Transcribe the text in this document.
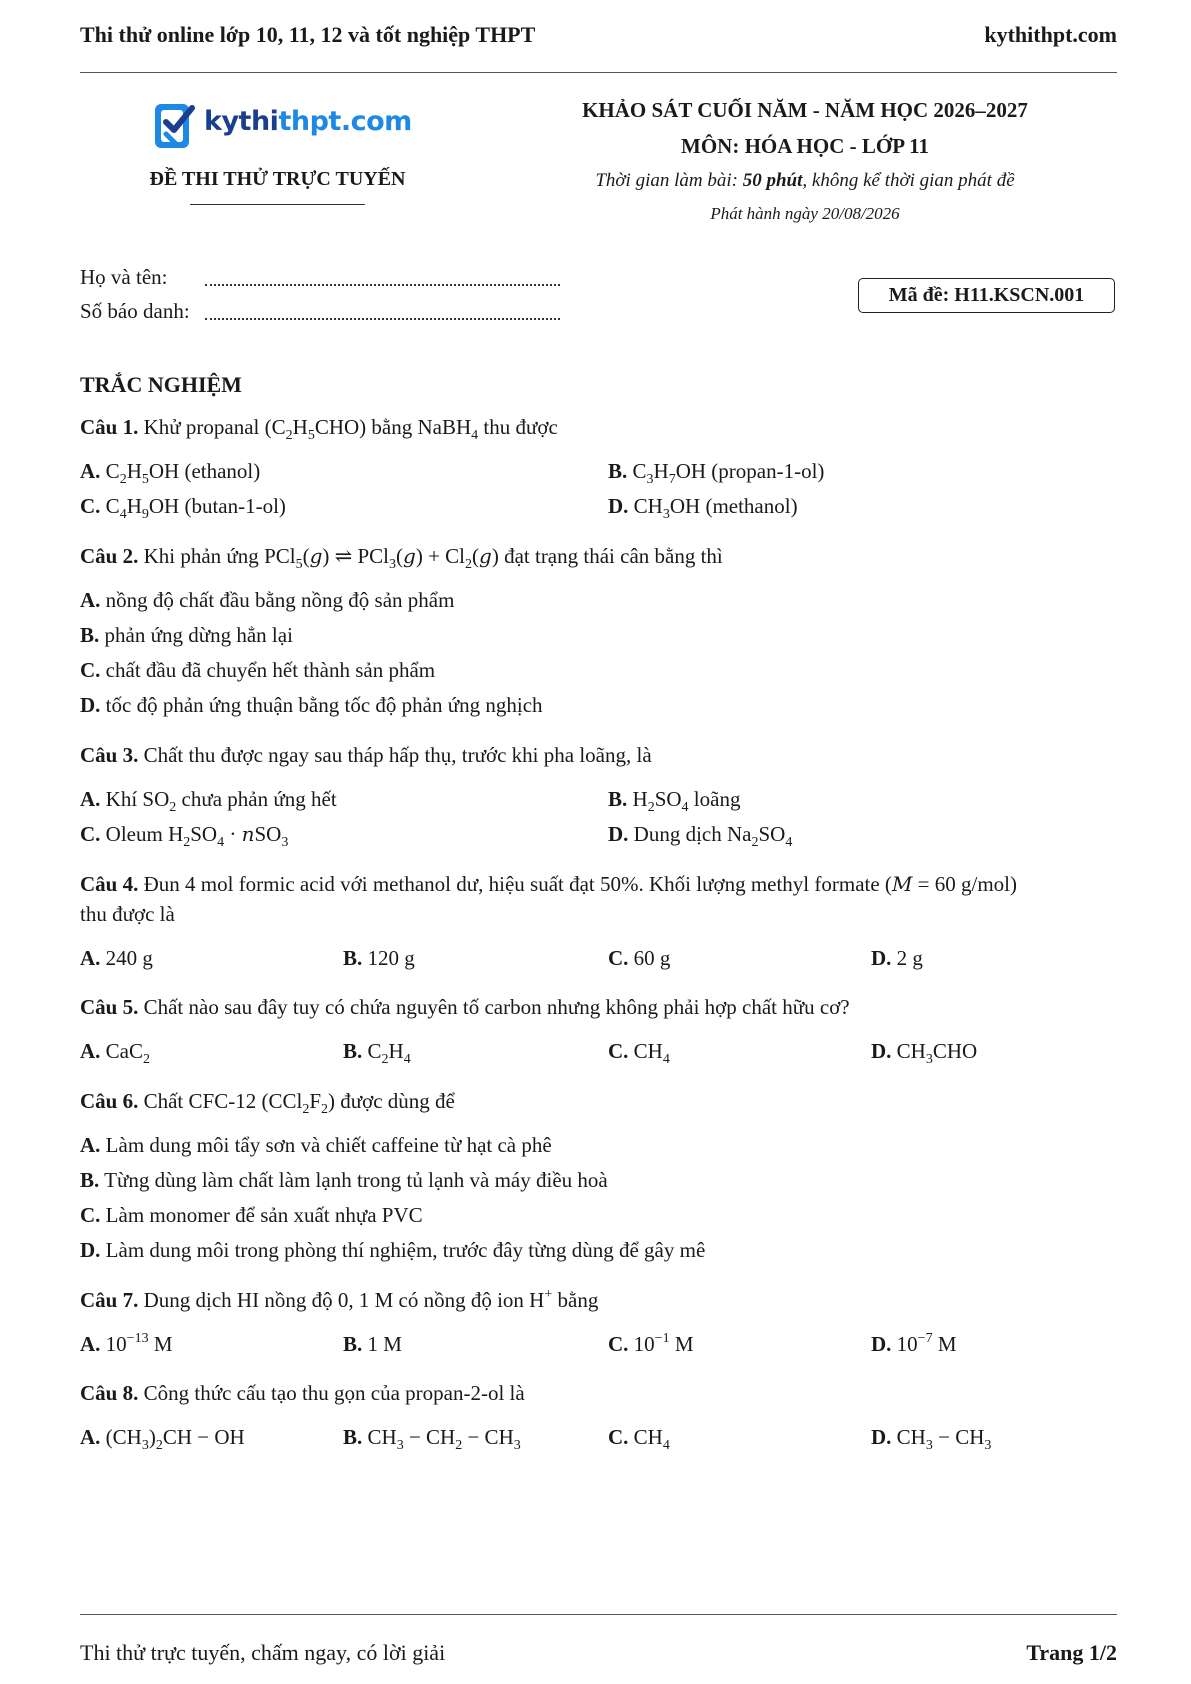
Thi thử online lớp 10, 11, 12 và tốt nghiệp THPT	kythithpt.com
kythithpt.com
ĐỀ THI THỬ TRỰC TUYẾN
KHẢO SÁT CUỐI NĂM - NĂM HỌC 2026–2027
MÔN: HÓA HỌC - LỚP 11
Thời gian làm bài: 50 phút, không kể thời gian phát đề
Phát hành ngày 20/08/2026
Họ và tên:
Số báo danh:
Mã đề: H11.KSCN.001
TRẮC NGHIỆM
Câu 1. Khử propanal $(C_2H_5CHO)$ bằng NaBH$_4$ thu được
A. $C_2H_5OH$ (ethanol)	B. $C_3H_7OH$ (propan-1-ol)
C. $C_4H_9OH$ (butan-1-ol)	D. $CH_3OH$ (methanol)
Câu 2. Khi phản ứng PCl$_5$(g) ⇌ $PCl_3(g) + Cl_2(g)$ đạt trạng thái cân bằng thì
A. nồng độ chất đầu bằng nồng độ sản phẩm
B. phản ứng dừng hẳn lại
C. chất đầu đã chuyển hết thành sản phẩm
D. tốc độ phản ứng thuận bằng tốc độ phản ứng nghịch
Câu 3. Chất thu được ngay sau tháp hấp thụ, trước khi pha loãng, là
A. Khí $SO_2$ chưa phản ứng hết	B. $H_2SO_4$ loãng
C. Oleum $H_2SO_4 \cdot nSO_3$	D. Dung dịch $Na_2SO_4$
Câu 4. Đun 4 mol formic acid với methanol dư, hiệu suất đạt 50%. Khối lượng methyl formate (M = 60 g/mol)
thu được là
A. 240 g	B. 120 g	C. 60 g	D. 2 g
Câu 5. Chất nào sau đây tuy có chứa nguyên tố carbon nhưng không phải hợp chất hữu cơ?
A. CaC$_2$	B. $C_2H_4$	C. $CH_4$	D. $CH_3CHO$
Câu 6. Chất CFC-12 $(CCl_2F_2)$ được dùng để
A. Làm dung môi tẩy sơn và chiết caffeine từ hạt cà phê
B. Từng dùng làm chất làm lạnh trong tủ lạnh và máy điều hoà
C. Làm monomer để sản xuất nhựa PVC
D. Làm dung môi trong phòng thí nghiệm, trước đây từng dùng để gây mê
Câu 7. Dung dịch HI nồng độ 0, 1 M có nồng độ ion H+ bằng
A. $10^{-13}$ M	B. 1 M	C. $10^{-1}$ M	D. $10^{-7}$ M
Câu 8. Công thức cấu tạo thu gọn của propan-2-ol là
A. $(CH_3)_2CH$ − OH	B. $CH_3 - CH_2 - CH_3$	C. $CH_4$	D. $CH_3 - CH_3$
Thi thử trực tuyến, chấm ngay, có lời giải	Trang 1/2
